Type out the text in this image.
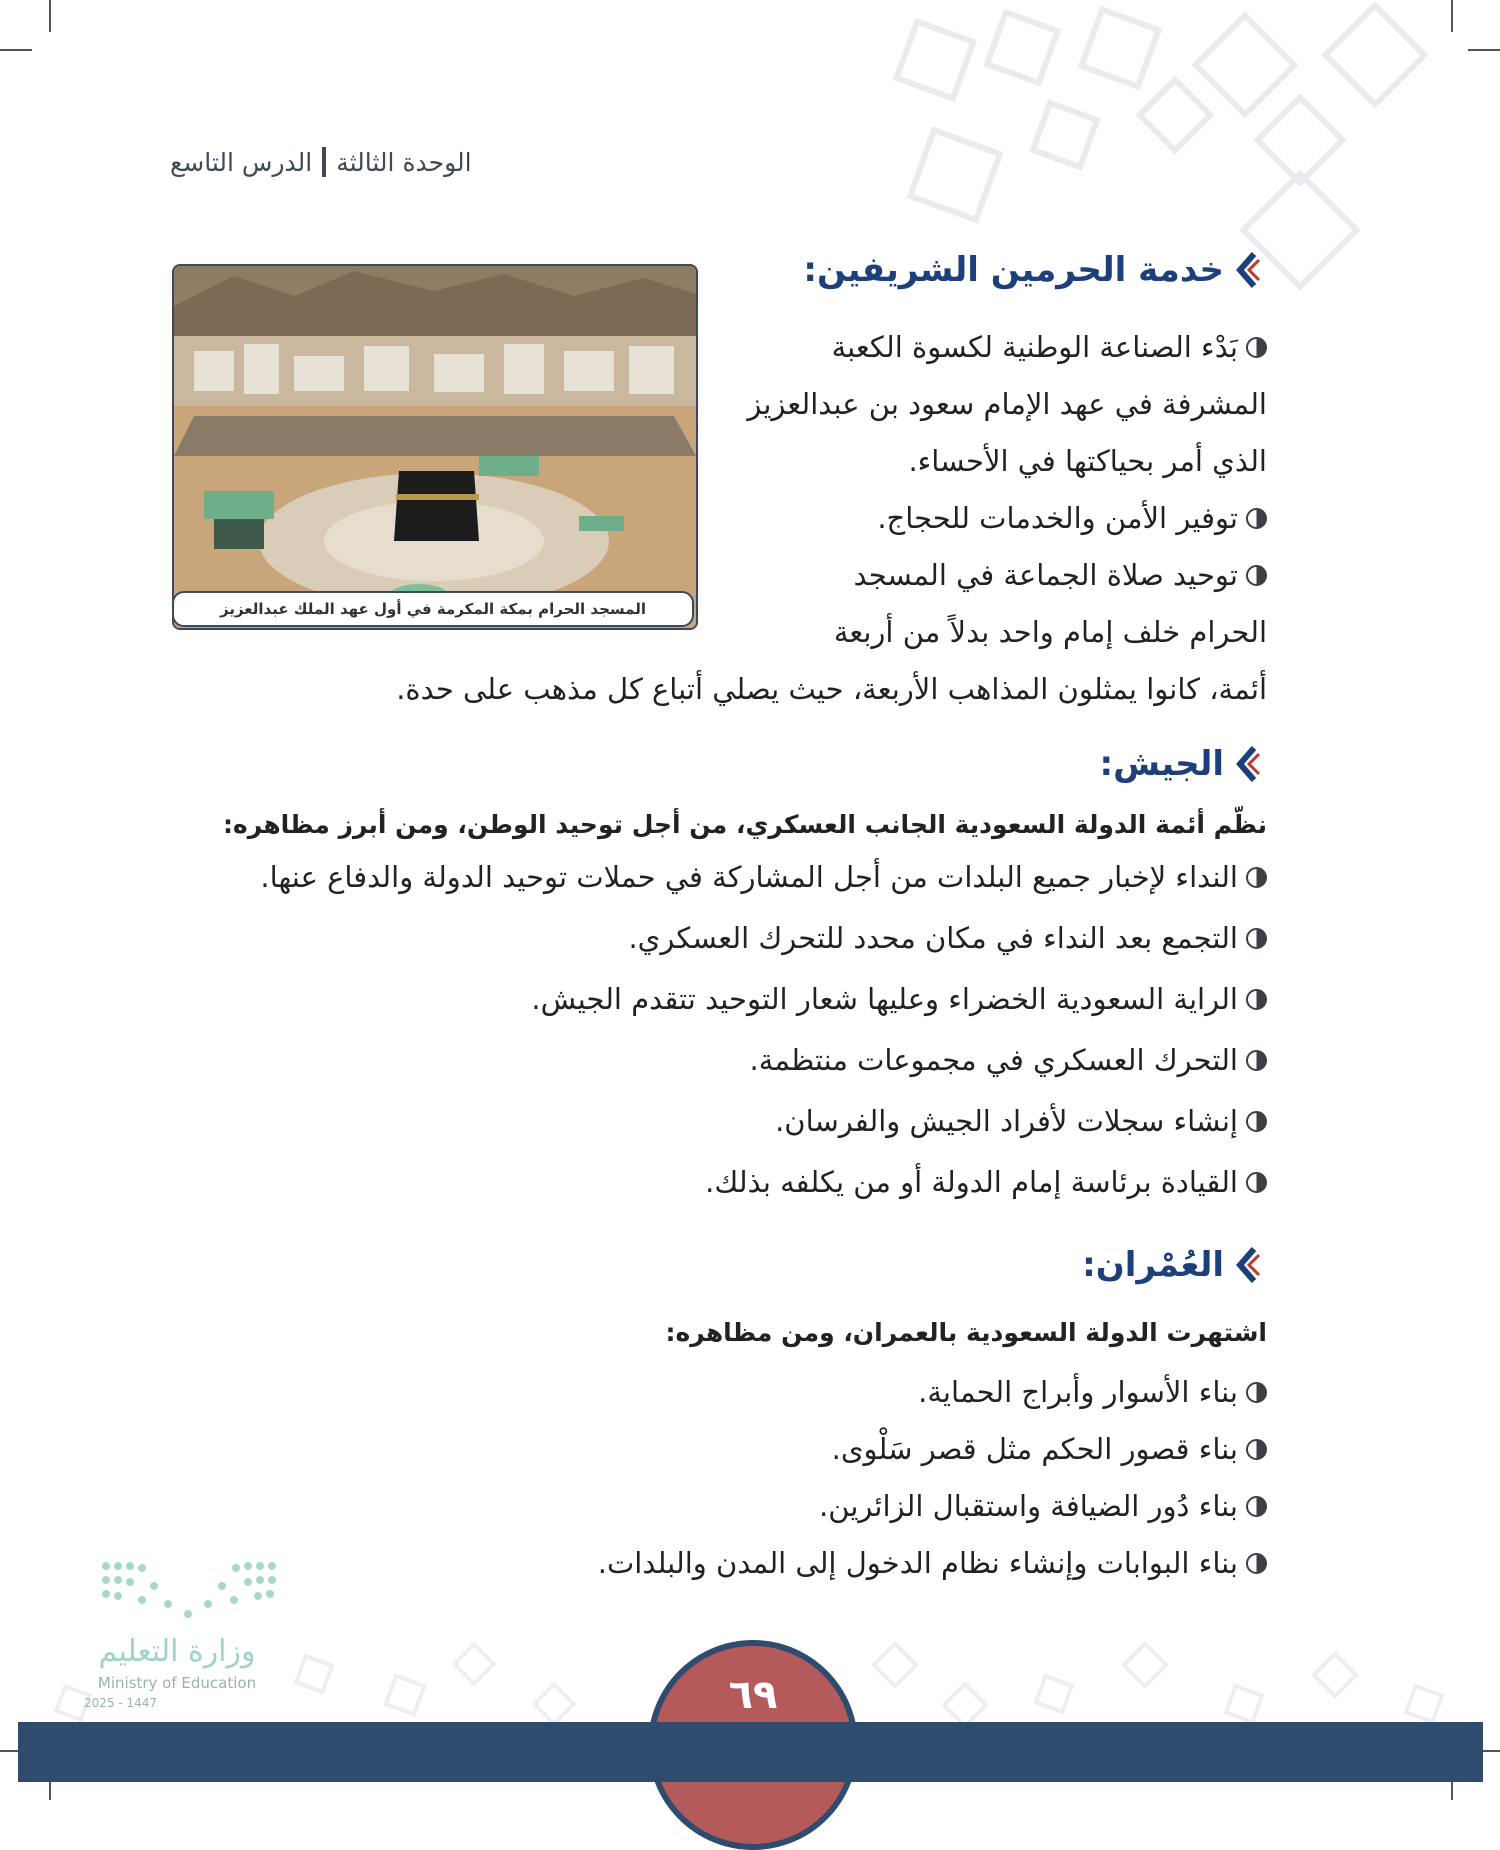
الوحدة الثالثة
الدرس التاسع
خدمة الحرمين الشريفين:
بَدْء الصناعة الوطنية لكسوة الكعبة
المشرفة في عهد الإمام سعود بن عبدالعزيز
الذي أمر بحياكتها في الأحساء.
توفير الأمن والخدمات للحجاج.
توحيد صلاة الجماعة في المسجد
الحرام خلف إمام واحد بدلاً من أربعة
أئمة، كانوا يمثلون المذاهب الأربعة، حيث يصلي أتباع كل مذهب على حدة.
المسجد الحرام بمكة المكرمة في أول عهد الملك عبدالعزيز
الجيش:
نظّم أئمة الدولة السعودية الجانب العسكري، من أجل توحيد الوطن، ومن أبرز مظاهره:
النداء لإخبار جميع البلدات من أجل المشاركة في حملات توحيد الدولة والدفاع عنها.
التجمع بعد النداء في مكان محدد للتحرك العسكري.
الراية السعودية الخضراء وعليها شعار التوحيد تتقدم الجيش.
التحرك العسكري في مجموعات منتظمة.
إنشاء سجلات لأفراد الجيش والفرسان.
القيادة برئاسة إمام الدولة أو من يكلفه بذلك.
العُمْران:
اشتهرت الدولة السعودية بالعمران، ومن مظاهره:
بناء الأسوار وأبراج الحماية.
بناء قصور الحكم مثل قصر سَلْوى.
بناء دُور الضيافة واستقبال الزائرين.
بناء البوابات وإنشاء نظام الدخول إلى المدن والبلدات.
وزارة التعليم
Ministry of Education
2025 - 1447	٦٩
